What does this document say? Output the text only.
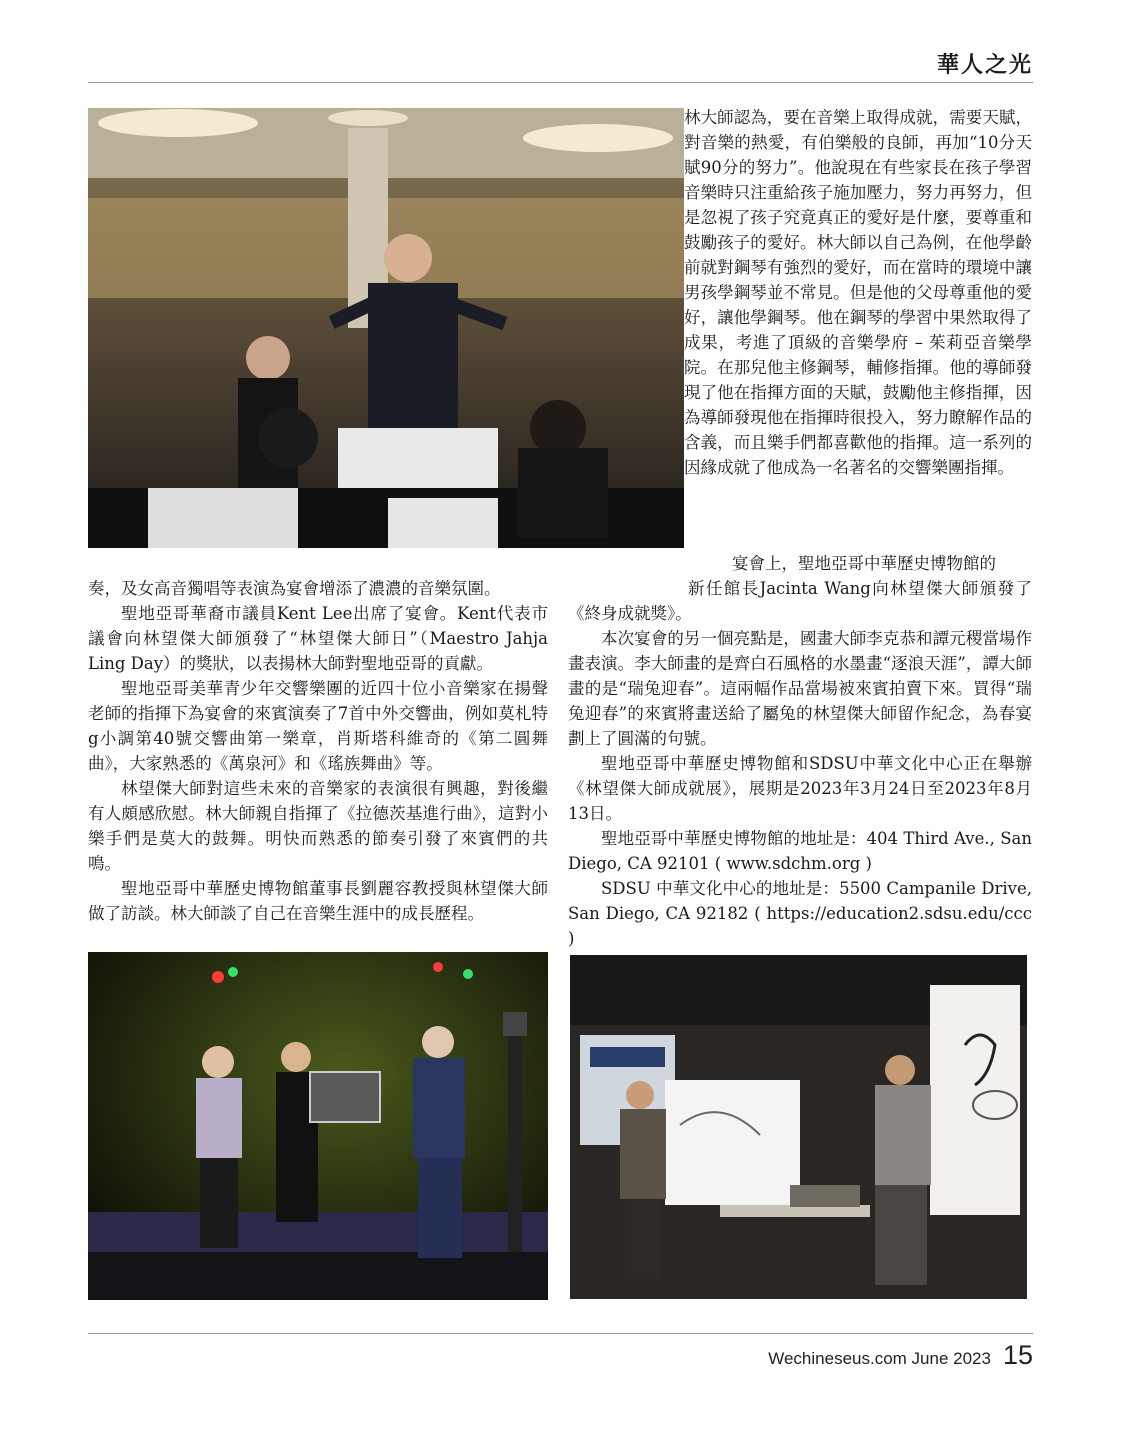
華人之光

林大師認為，要在音樂上取得成就，需要天賦，對音樂的熱愛，有伯樂般的良師，再加“10分天賦90分的努力”。他說現在有些家長在孩子學習音樂時只注重給孩子施加壓力，努力再努力，但是忽視了孩子究竟真正的愛好是什麼，要尊重和鼓勵孩子的愛好。林大師以自己為例，在他學齡前就對鋼琴有強烈的愛好，而在當時的環境中讓男孩學鋼琴並不常見。但是他的父母尊重他的愛好，讓他學鋼琴。他在鋼琴的學習中果然取得了成果，考進了頂級的音樂學府 – 茱莉亞音樂學院。在那兒他主修鋼琴，輔修指揮。他的導師發現了他在指揮方面的天賦，鼓勵他主修指揮，因為導師發現他在指揮時很投入，努力瞭解作品的含義，而且樂手們都喜歡他的指揮。這一系列的因緣成就了他成為一名著名的交響樂團指揮。

宴會上，聖地亞哥中華歷史博物館的

新任館長Jacinta Wang向林望傑大師頒發了《終身成就獎》。

本次宴會的另一個亮點是，國畫大師李克恭和譚元稷當場作畫表演。李大師畫的是齊白石風格的水墨畫“逐浪天涯”，譚大師畫的是“瑞兔迎春”。這兩幅作品當場被來賓拍賣下來。買得“瑞兔迎春”的來賓將畫送給了屬兔的林望傑大師留作紀念，為春宴劃上了圓滿的句號。

聖地亞哥中華歷史博物館和SDSU中華文化中心正在舉辦《林望傑大師成就展》，展期是2023年3月24日至2023年8月13日。

聖地亞哥中華歷史博物館的地址是：404 Third Ave., San Diego, CA 92101 ( www.sdchm.org )

SDSU 中華文化中心的地址是：5500 Campanile Drive, San Diego, CA 92182 ( https://education2.sdsu.edu/ccc )

奏，及女高音獨唱等表演為宴會增添了濃濃的音樂氛圍。

聖地亞哥華裔市議員Kent Lee出席了宴會。Kent代表市議會向林望傑大師頒發了“林望傑大師日”（Maestro Jahja Ling Day）的獎狀，以表揚林大師對聖地亞哥的貢獻。

聖地亞哥美華青少年交響樂團的近四十位小音樂家在揚聲老師的指揮下為宴會的來賓演奏了7首中外交響曲，例如莫札特g小調第40號交響曲第一樂章，肖斯塔科維奇的《第二圓舞曲》，大家熟悉的《萬泉河》和《瑤族舞曲》等。

林望傑大師對這些未來的音樂家的表演很有興趣，對後繼有人頗感欣慰。林大師親自指揮了《拉德茨基進行曲》，這對小樂手們是莫大的鼓舞。明快而熟悉的節奏引發了來賓們的共鳴。

聖地亞哥中華歷史博物館董事長劉麗容教授與林望傑大師做了訪談。林大師談了自己在音樂生涯中的成長歷程。

Wechineseus.com June 2023 15
